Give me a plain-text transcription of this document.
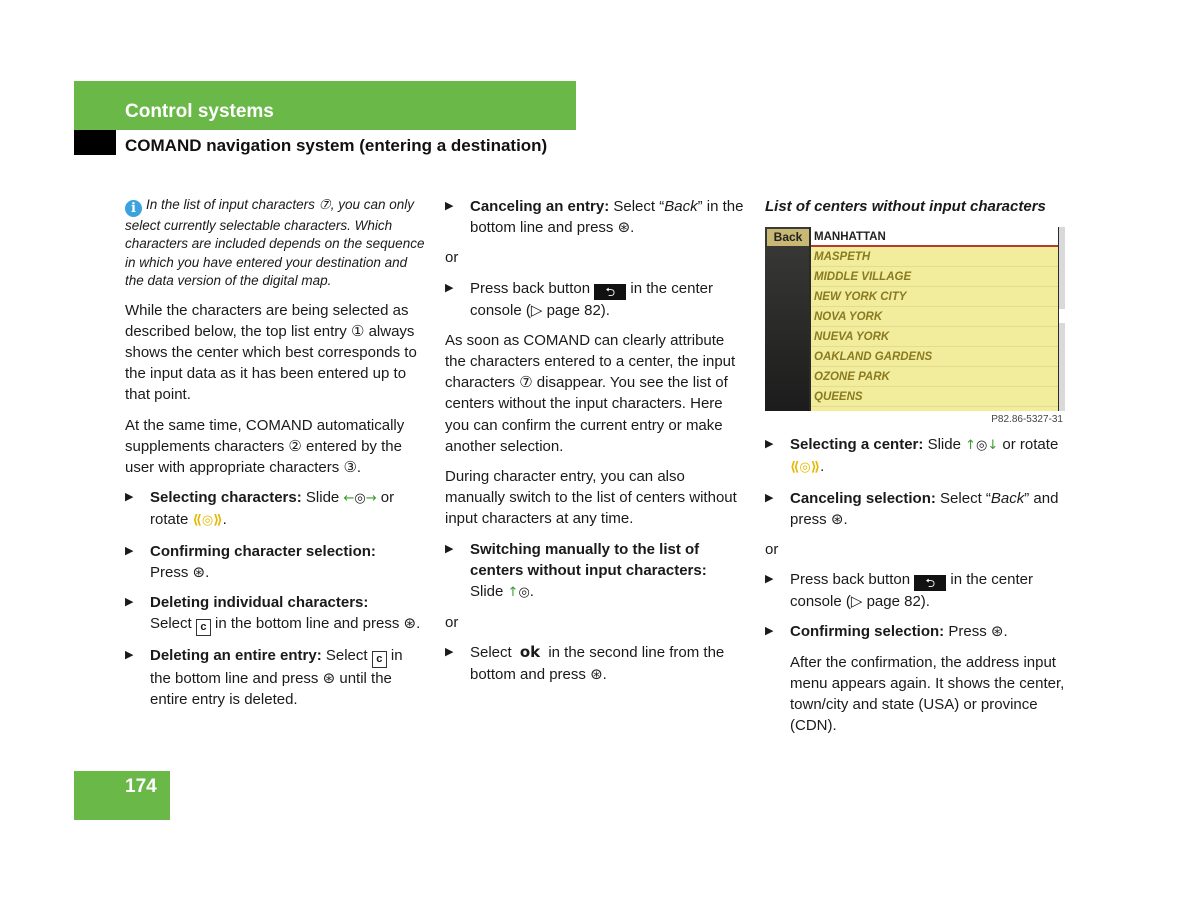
Control systems
COMAND navigation system (entering a destination)

i In the list of input characters ⑦, you can only select currently selectable characters. Which characters are included depends on the sequence in which you have entered your destination and the data version of the digital map.

While the characters are being selected as described below, the top list entry ① always shows the center which best corresponds to the input data as it has been entered up to that point.

At the same time, COMAND automatically supplements characters ② entered by the user with appropriate characters ③.

▶ Selecting characters: Slide ←◎→ or rotate ⟪◎⟫.
▶ Confirming character selection:
Press ⊛.
▶ Deleting individual characters:
Select c in the bottom line and press ⊛.
▶ Deleting an entire entry: Select c in the bottom line and press ⊛ until the entire entry is deleted.
▶ Canceling an entry: Select “Back” in the bottom line and press ⊛.

or

▶ Press back button ⮌ in the center console (▷ page 82).

As soon as COMAND can clearly attribute the characters entered to a center, the input characters ⑦ disappear. You see the list of centers without the input characters. Here you can confirm the current entry or make another selection.

During character entry, you can also manually switch to the list of centers without input characters at any time.

▶ Switching manually to the list of centers without input characters:
Slide ↑◎.

or

▶ Select ok in the second line from the bottom and press ⊛.

List of centers without input characters

Back	MANHATTAN
MASPETH
MIDDLE VILLAGE
NEW YORK CITY
NOVA YORK
NUEVA YORK
OAKLAND GARDENS
OZONE PARK
QUEENS
P82.86-5327-31
▶ Selecting a center: Slide ↑◎↓ or rotate ⟪◎⟫.
▶ Canceling selection: Select “Back” and press ⊛.

or

▶ Press back button ⮌ in the center console (▷ page 82).
▶ Confirming selection: Press ⊛.

After the confirmation, the address input menu appears again. It shows the center, town/city and state (USA) or province (CDN).

174
